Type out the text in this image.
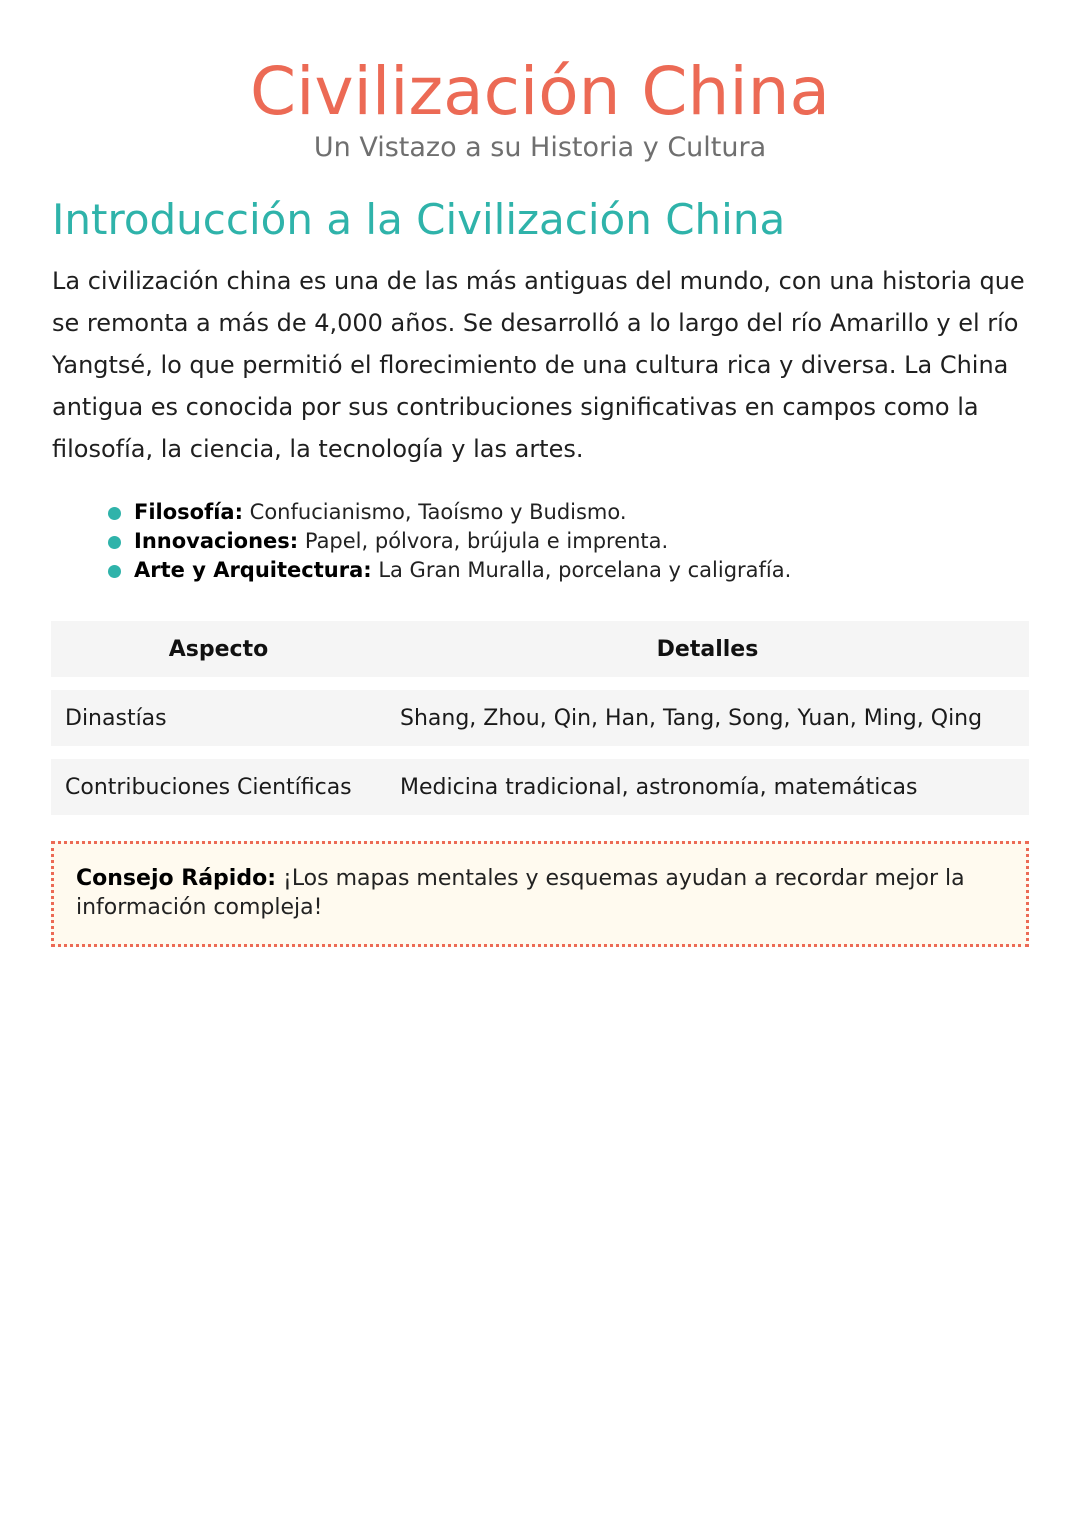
Civilización China

Un Vistazo a su Historia y Cultura

Introducción a la Civilización China

La civilización china es una de las más antiguas del mundo, con una historia que se remonta a más de 4,000 años. Se desarrolló a lo largo del río Amarillo y el río Yangtsé, lo que permitió el florecimiento de una cultura rica y diversa. La China antigua es conocida por sus contribuciones significativas en campos como la filosofía, la ciencia, la tecnología y las artes.

Filosofía: Confucianismo, Taoísmo y Budismo.
Innovaciones: Papel, pólvora, brújula e imprenta.
Arte y Arquitectura: La Gran Muralla, porcelana y caligrafía.
Aspecto	Detalles
Dinastías	Shang, Zhou, Qin, Han, Tang, Song, Yuan, Ming, Qing
Contribuciones Científicas	Medicina tradicional, astronomía, matemáticas
Consejo Rápido: ¡Los mapas mentales y esquemas ayudan a recordar mejor la información compleja!
